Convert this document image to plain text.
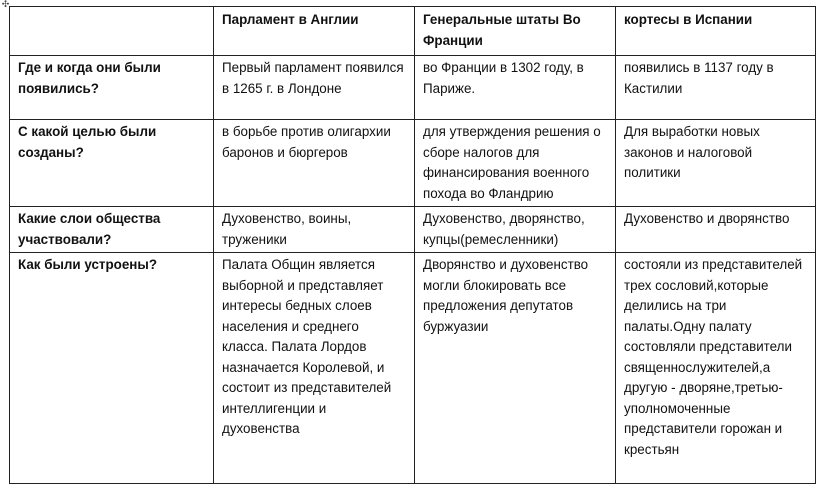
✣
	Парламент в Англии	Генеральные штаты Во Франции	кортесы в Испании
Где и когда они были появились?	Первый парламент появился в 1265 г. в Лондоне	во Франции в 1302 году, в Париже.	появились в 1137 году в Кастилии
С какой целью были созданы?	в борьбе против олигархии баронов и бюргеров	для утверждения решения о сборе налогов для финансирования военного похода во Фландрию	Для выработки новых законов и налоговой политики
Какие слои общества участвовали?	Духовенство, воины, труженики	Духовенство, дворянство, купцы(ремесленники)	Духовенство и дворянство
Как были устроены?	Палата Общин является выборной и представляет интересы бедных слоев населения и среднего класса. Палата Лордов назначается Королевой, и состоит из представителей интеллигенции и духовенства	Дворянство и духовенство могли блокировать все предложения депутатов буржуазии	состояли из представителей трех сословий,которые делились на три палаты.Одну палату состовляли представители священнослужителей,а другую - дворяне,третью-уполномоченные представители горожан и крестьян
